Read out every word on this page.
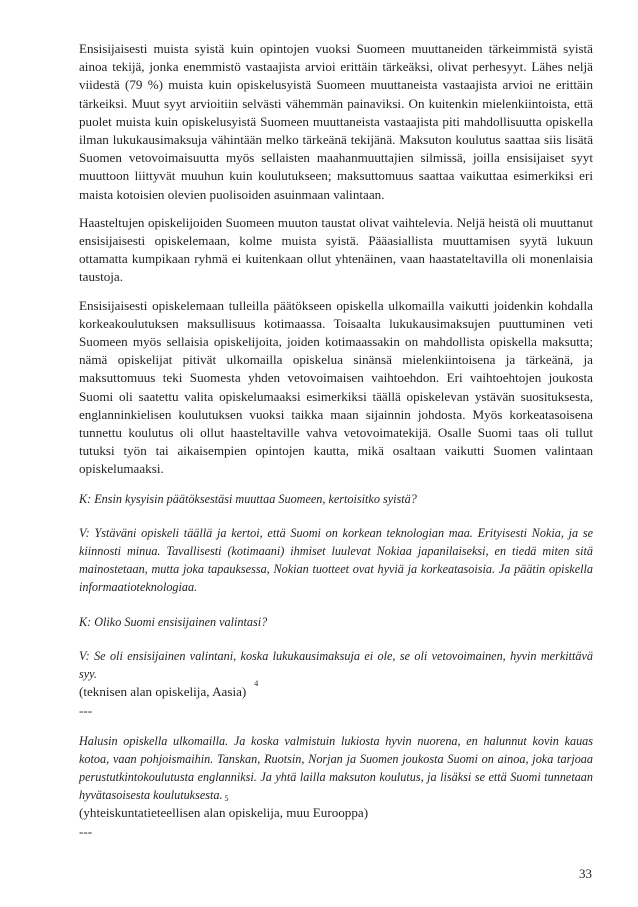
Ensisijaisesti muista syistä kuin opintojen vuoksi Suomeen muuttaneiden tärkeimmistä syistä ainoa tekijä, jonka enemmistö vastaajista arvioi erittäin tärkeäksi, olivat perhesyyt. Lähes neljä viidestä (79 %) muista kuin opiskelusyistä Suomeen muuttaneista vastaajista arvioi ne erittäin tärkeiksi. Muut syyt arvioitiin selvästi vähemmän painaviksi. On kuitenkin mielenkiintoista, että puolet muista kuin opiskelusyistä Suomeen muuttaneista vastaajista piti mahdollisuutta opiskella ilman lukukausimaksuja vähintään melko tärkeänä tekijänä. Maksuton koulutus saattaa siis lisätä Suomen vetovoimaisuutta myös sellaisten maahanmuuttajien silmissä, joilla ensisijaiset syyt muuttoon liittyvät muuhun kuin koulutukseen; maksuttomuus saattaa vaikuttaa esimerkiksi eri maista kotoisien olevien puolisoiden asuinmaan valintaan.

Haasteltujen opiskelijoiden Suomeen muuton taustat olivat vaihtelevia. Neljä heistä oli muuttanut ensisijaisesti opiskelemaan, kolme muista syistä. Pääasiallista muuttamisen syytä lukuun ottamatta kumpikaan ryhmä ei kuitenkaan ollut yhtenäinen, vaan haastateltavilla oli monenlaisia taustoja.

Ensisijaisesti opiskelemaan tulleilla päätökseen opiskella ulkomailla vaikutti joidenkin kohdalla korkeakoulutuksen maksullisuus kotimaassa. Toisaalta lukukausimaksujen puuttuminen veti Suomeen myös sellaisia opiskelijoita, joiden kotimaassakin on mahdollista opiskella maksutta; nämä opiskelijat pitivät ulkomailla opiskelua sinänsä mielenkiintoisena ja tärkeänä, ja maksuttomuus teki Suomesta yhden vetovoimaisen vaihtoehdon. Eri vaihtoehtojen joukosta Suomi oli saatettu valita opiskelumaaksi esimerkiksi täällä opiskelevan ystävän suosituksesta, englanninkielisen koulutuksen vuoksi taikka maan sijainnin johdosta. Myös korkeatasoisena tunnettu koulutus oli ollut haasteltaville vahva vetovoimatekijä. Osalle Suomi taas oli tullut tutuksi työn tai aikaisempien opintojen kautta, mikä osaltaan vaikutti Suomen valintaan opiskelumaaksi.

K: Ensin kysyisin päätöksestäsi muuttaa Suomeen, kertoisitko syistä?

V: Ystäväni opiskeli täällä ja kertoi, että Suomi on korkean teknologian maa. Erityisesti Nokia, ja se kiinnosti minua. Tavallisesti (kotimaani) ihmiset luulevat Nokiaa japanilaiseksi, en tiedä miten sitä mainostetaan, mutta joka tapauksessa, Nokian tuotteet ovat hyviä ja korkeatasoisia. Ja päätin opiskella informaatioteknologiaa.

K: Oliko Suomi ensisijainen valintasi?

V: Se oli ensisijainen valintani, koska lukukausimaksuja ei ole, se oli vetovoimainen, hyvin merkittävä syy.

(teknisen alan opiskelija, Aasia)4

---

Halusin opiskella ulkomailla. Ja koska valmistuin lukiosta hyvin nuorena, en halunnut kovin kauas kotoa, vaan pohjoismaihin. Tanskan, Ruotsin, Norjan ja Suomen joukosta Suomi on ainoa, joka tarjoaa perustutkintokoulutusta englanniksi. Ja yhtä lailla maksuton koulutus, ja lisäksi se että Suomi tunnetaan hyvätasoisesta koulutuksesta. 5

(yhteiskuntatieteellisen alan opiskelija, muu Eurooppa)

---

33
